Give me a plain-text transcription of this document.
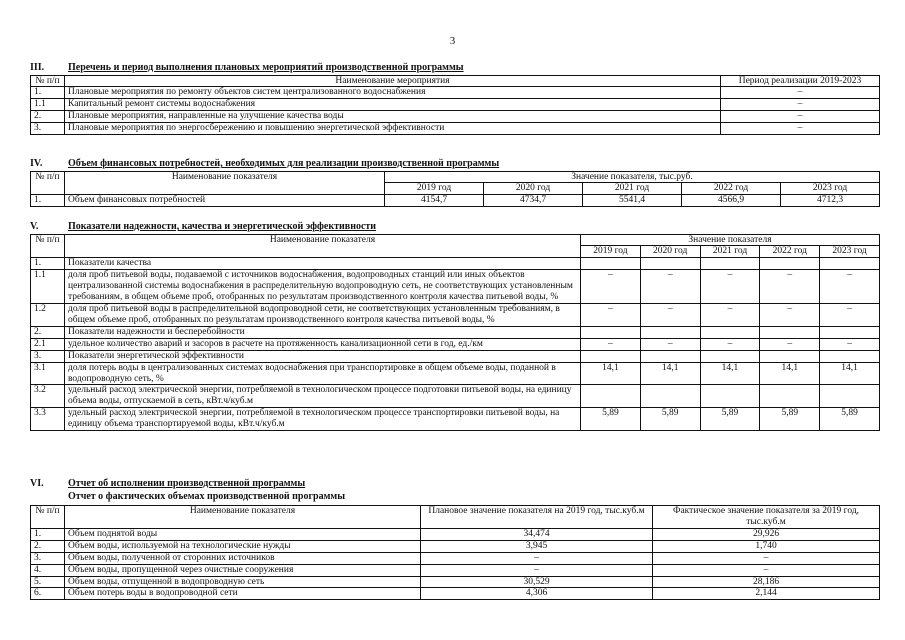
3
III.	Перечень и период выполнения плановых мероприятий производственной программы
№ п/п	Наименование мероприятия	Период реализации 2019-2023
1.	Плановые мероприятия по ремонту объектов систем централизованного водоснабжения	–
1.1	Капитальный ремонт системы водоснабжения	–
2.	Плановые мероприятия, направленные на улучшение качества воды	–
3.	Плановые мероприятия по энергосбережению и повышению энергетической эффективности	–
IV.	Объем финансовых потребностей, необходимых для реализации производственной программы
№ п/п	Наименование показателя	Значение показателя, тыс.руб.				
		2019 год	2020 год	2021 год	2022 год	2023 год
1.	Объем финансовых потребностей	4154,7	4734,7	5541,4	4566,9	4712,3
V.	Показатели надежности, качества и энергетической эффективности
№ п/п	Наименование показателя	Значение показателя				
		2019 год	2020 год	2021 год	2022 год	2023 год
1.	Показатели качества					
1.1	доля проб питьевой воды, подаваемой с источников водоснабжения, водопроводных станций или иных объектов централизованной системы водоснабжения в распределительную водопроводную сеть, не соответствующих установленным требованиям, в общем объеме проб, отобранных по результатам производственного контроля качества питьевой воды, %	–	–	–	–	–
1.2	доля проб питьевой воды в распределительной водопроводной сети, не соответствующих установленным требованиям, в общем объеме проб, отобранных по результатам производственного контроля качества питьевой воды, %	–	–	–	–	–
2.	Показатели надежности и бесперебойности					
2.1	удельное количество аварий и засоров в расчете на протяженность канализационной сети в год, ед./км	–	–	–	–	–
3.	Показатели энергетической эффективности					
3.1	доля потерь воды в централизованных системах водоснабжения при транспортировке в общем объеме воды, поданной в водопроводную сеть, %	14,1	14,1	14,1	14,1	14,1
3.2	удельный расход электрической энергии, потребляемой в технологическом процессе подготовки питьевой воды, на единицу объема воды, отпускаемой в сеть, кВт.ч/куб.м					
3.3	удельный расход электрической энергии, потребляемой в технологическом процессе транспортировки питьевой воды, на единицу объема транспортируемой воды, кВт.ч/куб.м	5,89	5,89	5,89	5,89	5,89
VI.	Отчет об исполнении производственной программы
Отчет о фактических объемах производственной программы
№ п/п	Наименование показателя	Плановое значение показателя на 2019 год, тыс.куб.м	Фактическое значение показателя за 2019 год, тыс.куб.м
1.	Объем поднятой воды	34,474	29,926
2.	Объем воды, используемой на технологические нужды	3,945	1,740
3.	Объем воды, полученной от сторонних источников	–	–
4.	Объем воды, пропущенной через очистные сооружения	–	–
5.	Объем воды, отпущенной в водопроводную сеть	30,529	28,186
6.	Объем потерь воды в водопроводной сети	4,306	2,144
